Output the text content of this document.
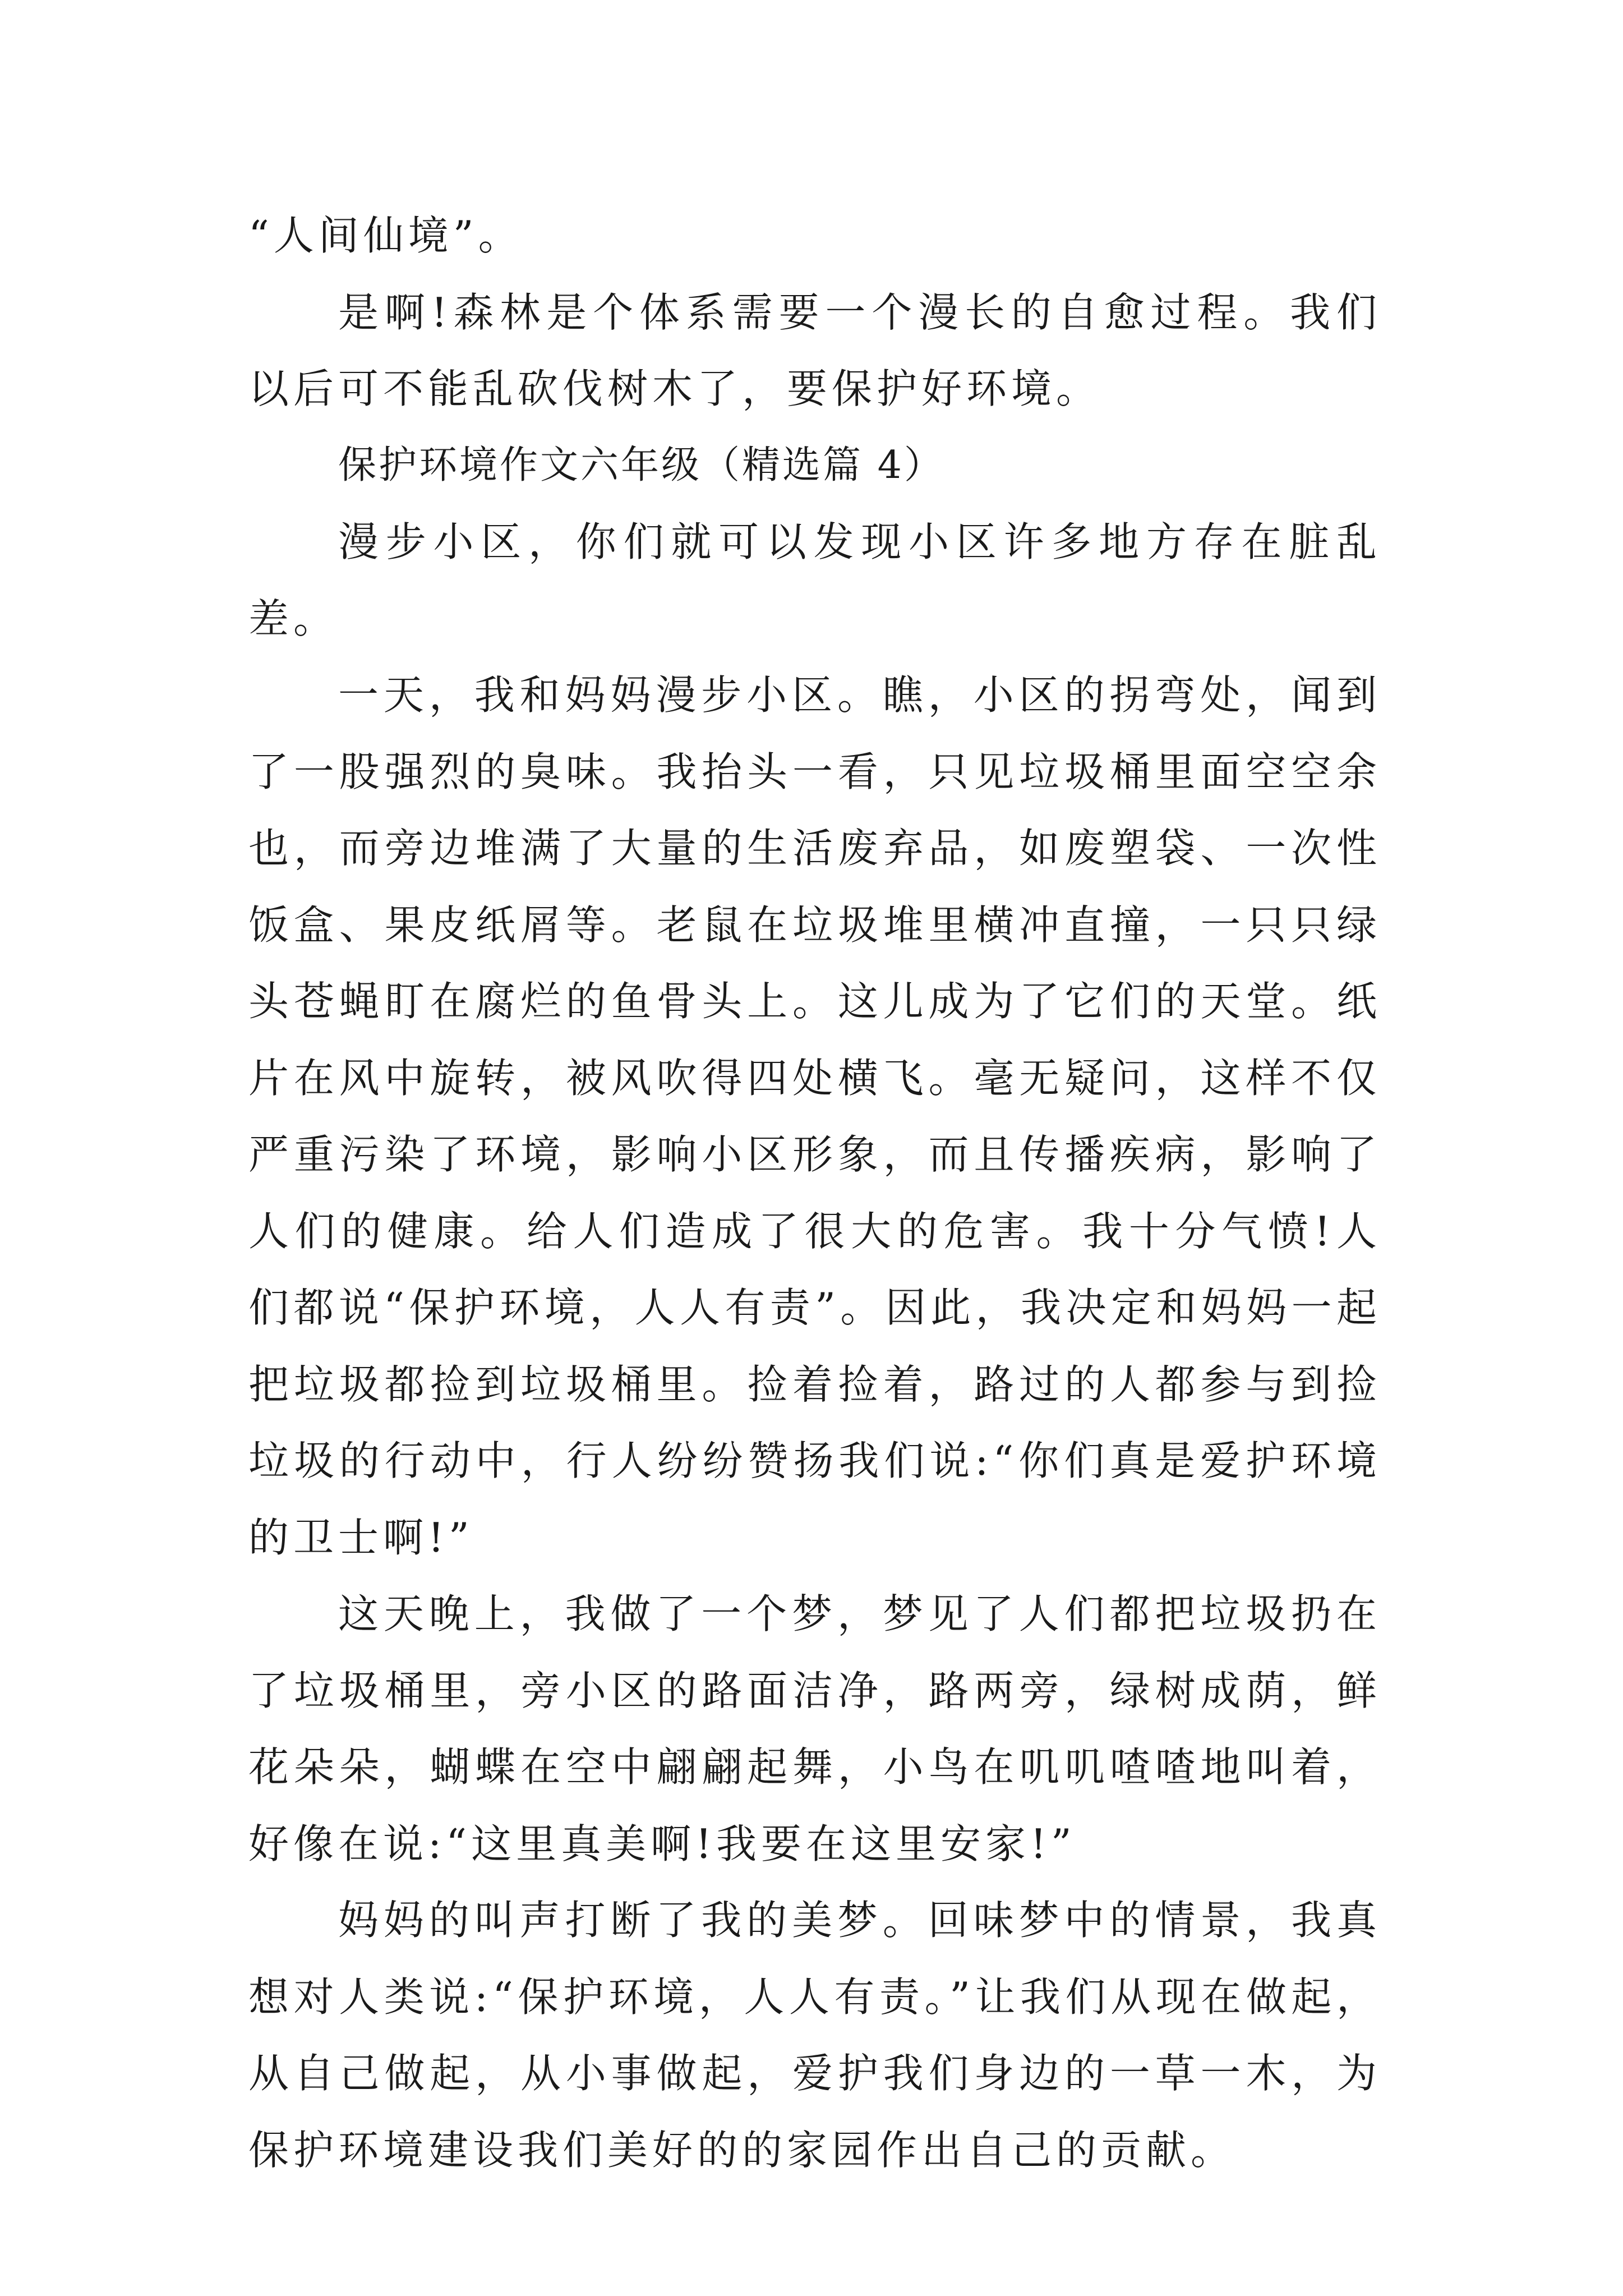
“人间仙境”。

是啊!森林是个体系需要一个漫长的自愈过程。我们以后可不能乱砍伐树木了，要保护好环境。

保护环境作文六年级（精选篇 4）

漫步小区，你们就可以发现小区许多地方存在脏乱差。

一天，我和妈妈漫步小区。瞧，小区的拐弯处，闻到了一股强烈的臭味。我抬头一看，只见垃圾桶里面空空余也，而旁边堆满了大量的生活废弃品，如废塑袋、一次性饭盒、果皮纸屑等。老鼠在垃圾堆里横冲直撞，一只只绿头苍蝇盯在腐烂的鱼骨头上。这儿成为了它们的天堂。纸片在风中旋转，被风吹得四处横飞。毫无疑问，这样不仅严重污染了环境，影响小区形象，而且传播疾病，影响了人们的健康。给人们造成了很大的危害。我十分气愤!人们都说“保护环境，人人有责”。因此，我决定和妈妈一起把垃圾都捡到垃圾桶里。捡着捡着，路过的人都参与到捡垃圾的行动中，行人纷纷赞扬我们说:“你们真是爱护环境的卫士啊!”

这天晚上，我做了一个梦，梦见了人们都把垃圾扔在了垃圾桶里，旁小区的路面洁净，路两旁，绿树成荫，鲜花朵朵，蝴蝶在空中翩翩起舞，小鸟在叽叽喳喳地叫着，好像在说:“这里真美啊!我要在这里安家!”

妈妈的叫声打断了我的美梦。回味梦中的情景，我真想对人类说:“保护环境，人人有责。”让我们从现在做起，从自己做起，从小事做起，爱护我们身边的一草一木，为保护环境建设我们美好的的家园作出自己的贡献。
